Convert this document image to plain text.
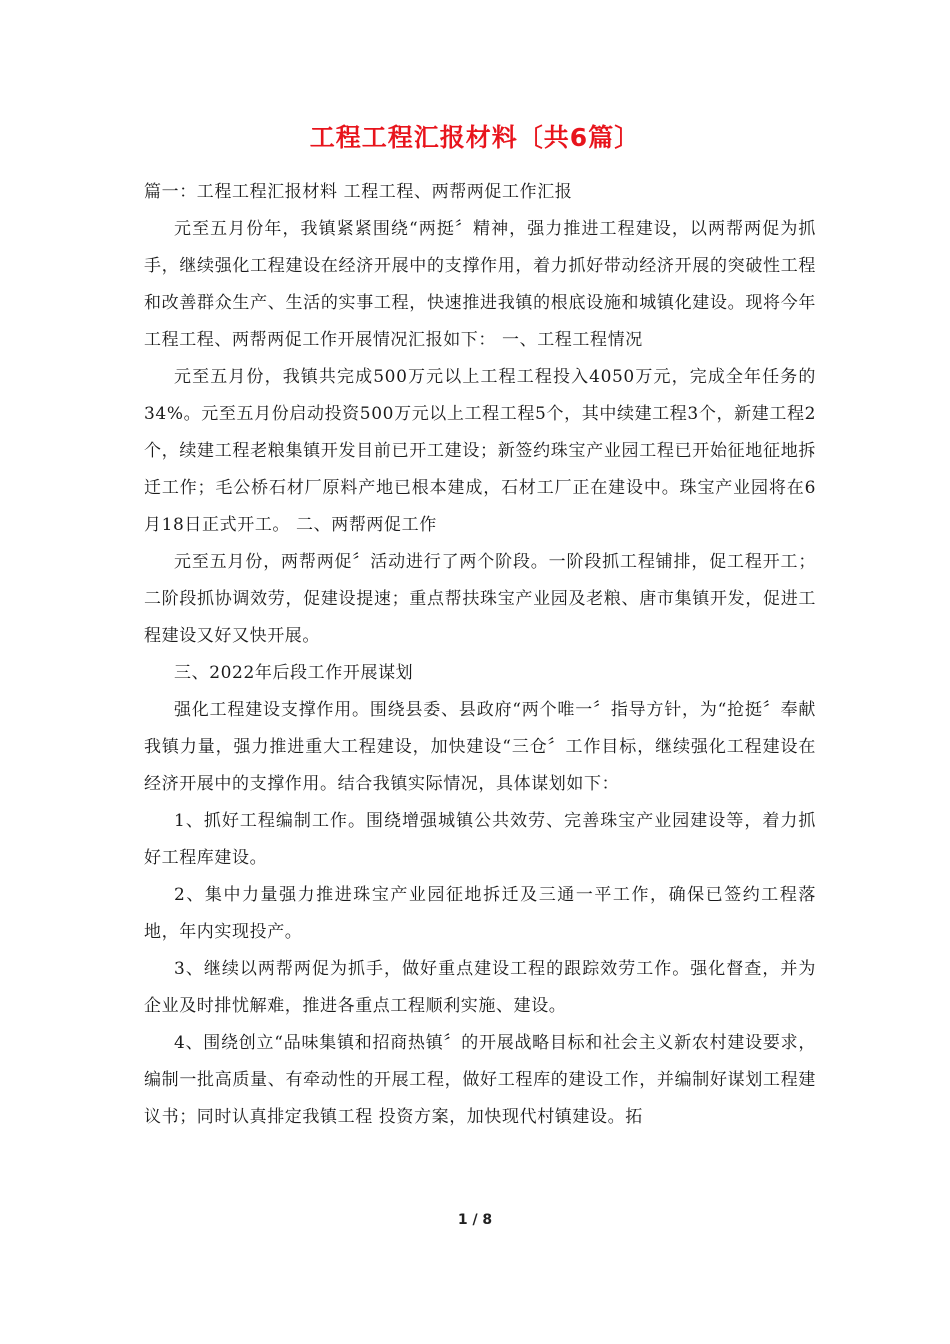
工程工程汇报材料〔共6篇〕

篇一：工程工程汇报材料 工程工程、两帮两促工作汇报

元至五月份年，我镇紧紧围绕“两挺〞精神，强力推进工程建设，以两帮两促为抓手，继续强化工程建设在经济开展中的支撑作用，着力抓好带动经济开展的突破性工程和改善群众生产、生活的实事工程，快速推进我镇的根底设施和城镇化建设。现将今年工程工程、两帮两促工作开展情况汇报如下： 一、工程工程情况

元至五月份，我镇共完成500万元以上工程工程投入4050万元，完成全年任务的34%。元至五月份启动投资500万元以上工程工程5个，其中续建工程3个，新建工程2个，续建工程老粮集镇开发目前已开工建设；新签约珠宝产业园工程已开始征地征地拆迁工作；毛公桥石材厂原料产地已根本建成，石材工厂正在建设中。珠宝产业园将在6月18日正式开工。 二、两帮两促工作

元至五月份，两帮两促〞活动进行了两个阶段。一阶段抓工程铺排，促工程开工；二阶段抓协调效劳，促建设提速；重点帮扶珠宝产业园及老粮、唐市集镇开发，促进工程建设又好又快开展。

三、2022年后段工作开展谋划

强化工程建设支撑作用。围绕县委、县政府“两个唯一〞指导方针，为“抢挺〞奉献我镇力量，强力推进重大工程建设，加快建设“三仓〞工作目标，继续强化工程建设在经济开展中的支撑作用。结合我镇实际情况，具体谋划如下：

1、抓好工程编制工作。围绕增强城镇公共效劳、完善珠宝产业园建设等，着力抓好工程库建设。

2、集中力量强力推进珠宝产业园征地拆迁及三通一平工作，确保已签约工程落地，年内实现投产。

3、继续以两帮两促为抓手，做好重点建设工程的跟踪效劳工作。强化督查，并为企业及时排忧解难，推进各重点工程顺利实施、建设。

4、围绕创立“品味集镇和招商热镇〞的开展战略目标和社会主义新农村建设要求，编制一批高质量、有牵动性的开展工程，做好工程库的建设工作，并编制好谋划工程建议书；同时认真排定我镇工程 投资方案，加快现代村镇建设。拓

1 / 8
